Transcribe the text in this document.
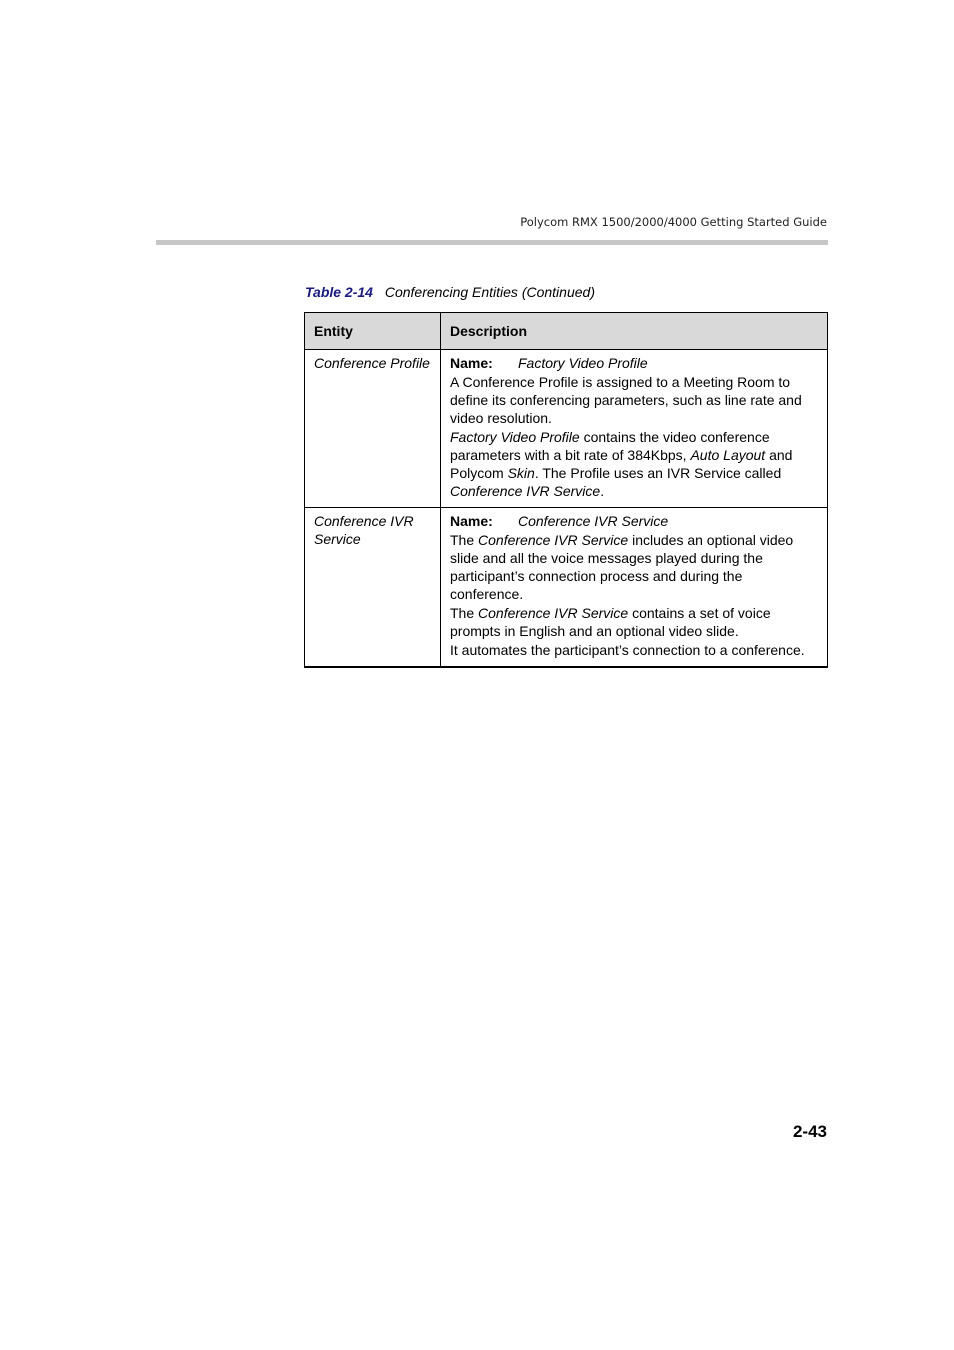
Polycom RMX 1500/2000/4000 Getting Started Guide
Table 2-14 Conferencing Entities (Continued)
Entity	Description
Conference Profile	Name: Factory Video Profile

A Conference Profile is assigned to a Meeting Room to define its conferencing parameters, such as line rate and video resolution.

Factory Video Profile contains the video conference parameters with a bit rate of 384Kbps, Auto Layout and Polycom Skin. The Profile uses an IVR Service called Conference IVR Service.

Conference IVR Service	Name: Conference IVR Service

The Conference IVR Service includes an optional video slide and all the voice messages played during the participant’s connection process and during the conference.

The Conference IVR Service contains a set of voice prompts in English and an optional video slide.

It automates the participant’s connection to a conference.

2-43
